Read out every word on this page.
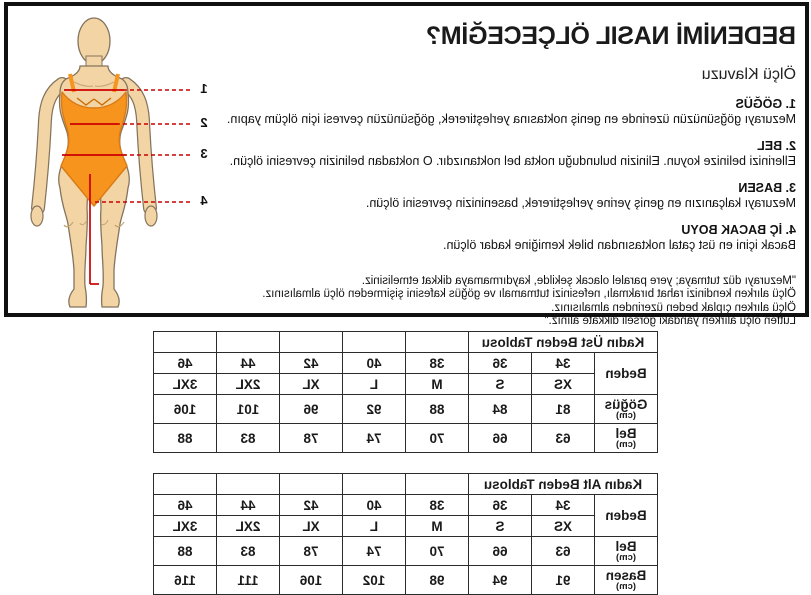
BEDENİMİ NASIL ÖLÇECEĞİM?
Ölçü Klavuzu
1. GÖĞÜS

Mezurayı göğsünüzün üzerinde en geniş noktasına yerleştirerek, göğsünüzün çevresi için ölçüm yapın.

2. BEL

Ellerinizi belinize koyun. Elinizin bulunduğu nokta bel noktanızdır. O noktadan belinizin çevresini ölçün.

3. BASEN

Mezurayı kalçanızın en geniş yerine yerleştirerek, baseninizin çevresini ölçün.

4. İÇ BACAK BOYU

Bacak içini en üst çatal noktasından bilek kemiğine kadar ölçün.

"Mezurayı düz tutmaya; yere paralel olacak şekilde, kaydırmamaya dikkat etmelisiniz.

Ölçü alırken kendinizi rahat bırakmalı, nefesinizi tutmamalı ve göğüs kafesini şişirmeden ölçü almalısınız.

Ölçü alırken çıplak beden üzerinden almalısınız.

Lütfen ölçü alırken yandaki görseli dikkate alınız."

1
2
3
4
Kadın Üst Beden Tablosu							
Beden	34	36	38	40	42	44	46
	XS	S	M	L	XL	2XL	3XL

Göğüs
(cm)	81	84	88	92	96	101	106

Bel
(cm)	63	66	70	74	78	83	88
Kadın Alt Beden Tablosu							
Beden	34	36	38	40	42	44	46
	XS	S	M	L	XL	2XL	3XL

Bel
(cm)	63	66	70	74	78	83	88

Basen
(cm)	91	94	98	102	106	111	116
